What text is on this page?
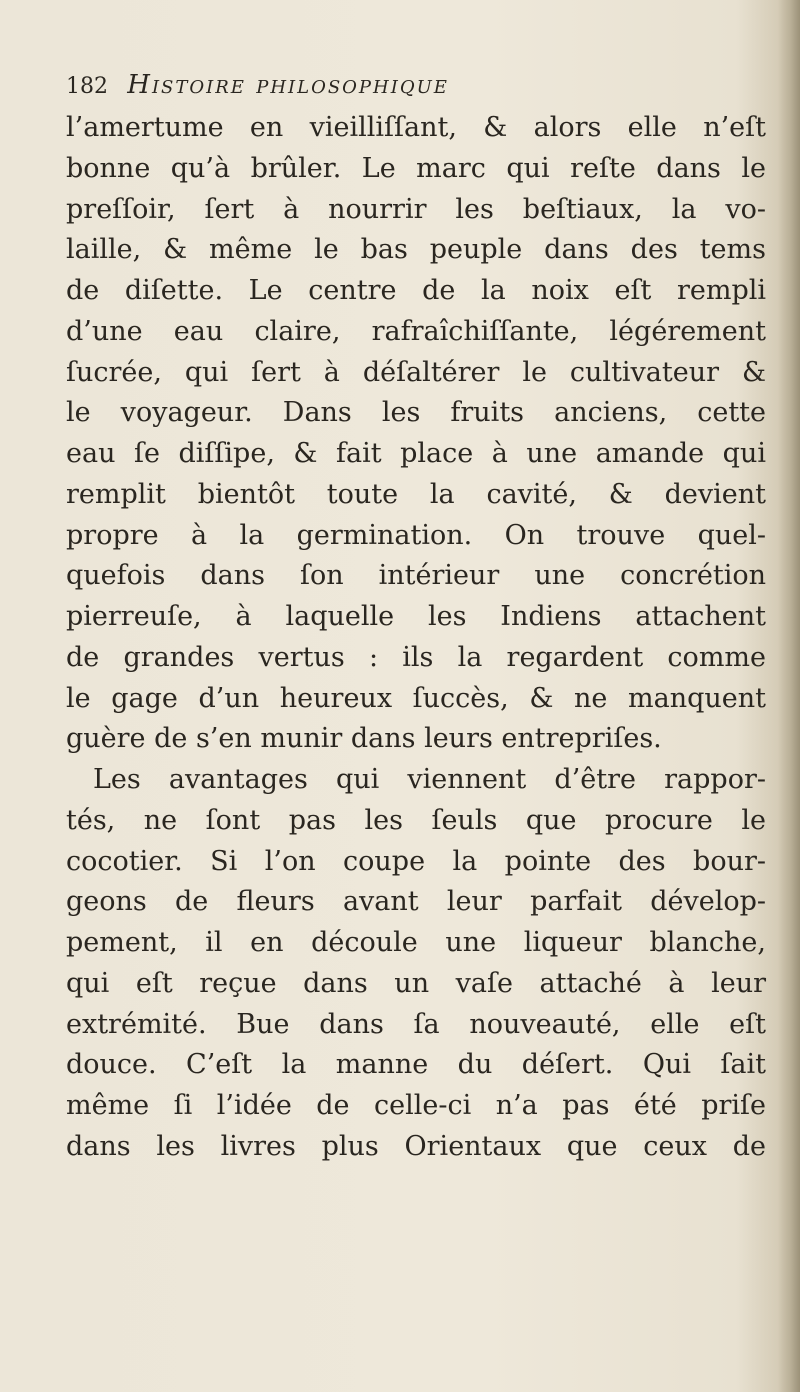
182 Histoire philosophique
l’amertume en vieilliſſant, & alors elle n’eſt
bonne qu’à brûler. Le marc qui reſte dans le
preſſoir, ſert à nourrir les beſtiaux, la vo-
laille, & même le bas peuple dans des tems
de diſette. Le centre de la noix eſt rempli
d’une eau claire, rafraîchiſſante, légérement
ſucrée, qui ſert à déſaltérer le cultivateur &
le voyageur. Dans les fruits anciens, cette
eau ſe diſſipe, & fait place à une amande qui
remplit bientôt toute la cavité, & devient
propre à la germination. On trouve quel-
quefois dans ſon intérieur une concrétion
pierreuſe, à laquelle les Indiens attachent
de grandes vertus : ils la regardent comme
le gage d’un heureux ſuccès, & ne manquent
guère de s’en munir dans leurs entrepriſes.
Les avantages qui viennent d’être rappor-
tés, ne ſont pas les ſeuls que procure le
cocotier. Si l’on coupe la pointe des bour-
geons de fleurs avant leur parfait dévelop-
pement, il en découle une liqueur blanche,
qui eſt reçue dans un vaſe attaché à leur
extrémité. Bue dans ſa nouveauté, elle eſt
douce. C’eſt la manne du déſert. Qui ſait
même ſi l’idée de celle-ci n’a pas été priſe
dans les livres plus Orientaux que ceux de
